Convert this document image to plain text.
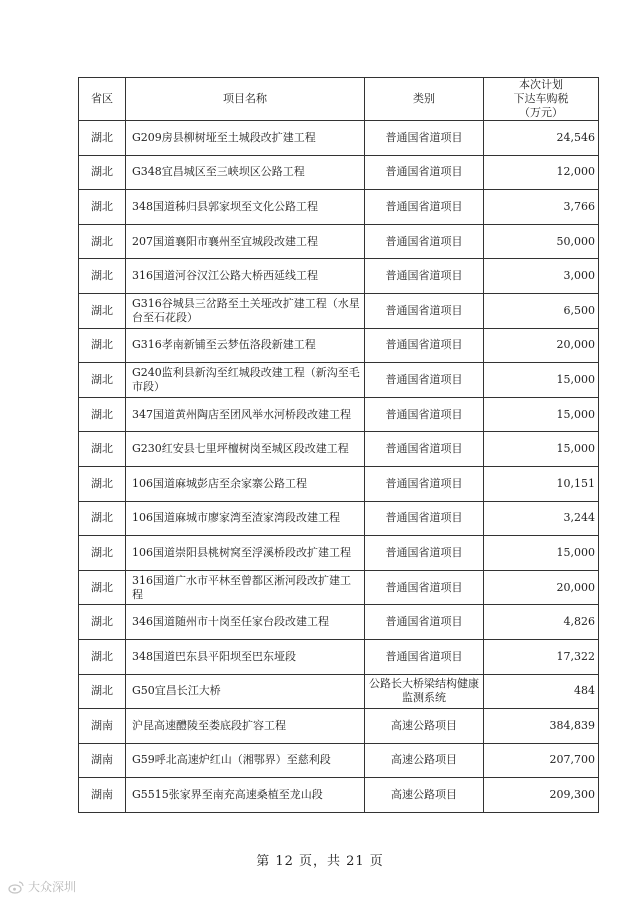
省区	项目名称	类别	本次计划
下达车购税
（万元）

湖北	G209房县柳树垭至土城段改扩建工程	普通国省道项目	24,546
湖北	G348宜昌城区至三峡坝区公路工程	普通国省道项目	12,000
湖北	348国道秭归县郭家坝至文化公路工程	普通国省道项目	3,766
湖北	207国道襄阳市襄州至宜城段改建工程	普通国省道项目	50,000
湖北	316国道河谷汉江公路大桥西延线工程	普通国省道项目	3,000
湖北	G316谷城县三岔路至土关垭改扩建工程（水星台至石花段）	普通国省道项目	6,500
湖北	G316孝南新铺至云梦伍洛段新建工程	普通国省道项目	20,000
湖北	G240监利县新沟至红城段改建工程（新沟至毛市段）	普通国省道项目	15,000
湖北	347国道黄州陶店至团风举水河桥段改建工程	普通国省道项目	15,000
湖北	G230红安县七里坪檀树岗至城区段改建工程	普通国省道项目	15,000
湖北	106国道麻城彭店至余家寨公路工程	普通国省道项目	10,151
湖北	106国道麻城市廖家湾至渣家湾段改建工程	普通国省道项目	3,244
湖北	106国道崇阳县桃树窝至浮溪桥段改扩建工程	普通国省道项目	15,000
湖北	316国道广水市平林至曾都区淅河段改扩建工程	普通国省道项目	20,000
湖北	346国道随州市十岗至任家台段改建工程	普通国省道项目	4,826
湖北	348国道巴东县平阳坝至巴东垭段	普通国省道项目	17,322
湖北	G50宜昌长江大桥	公路长大桥梁结构健康监测系统	484
湖南	沪昆高速醴陵至娄底段扩容工程	高速公路项目	384,839
湖南	G59呼北高速炉红山（湘鄂界）至慈利段	高速公路项目	207,700
湖南	G5515张家界至南充高速桑植至龙山段	高速公路项目	209,300
第 12 页，共 21 页
大众深圳
